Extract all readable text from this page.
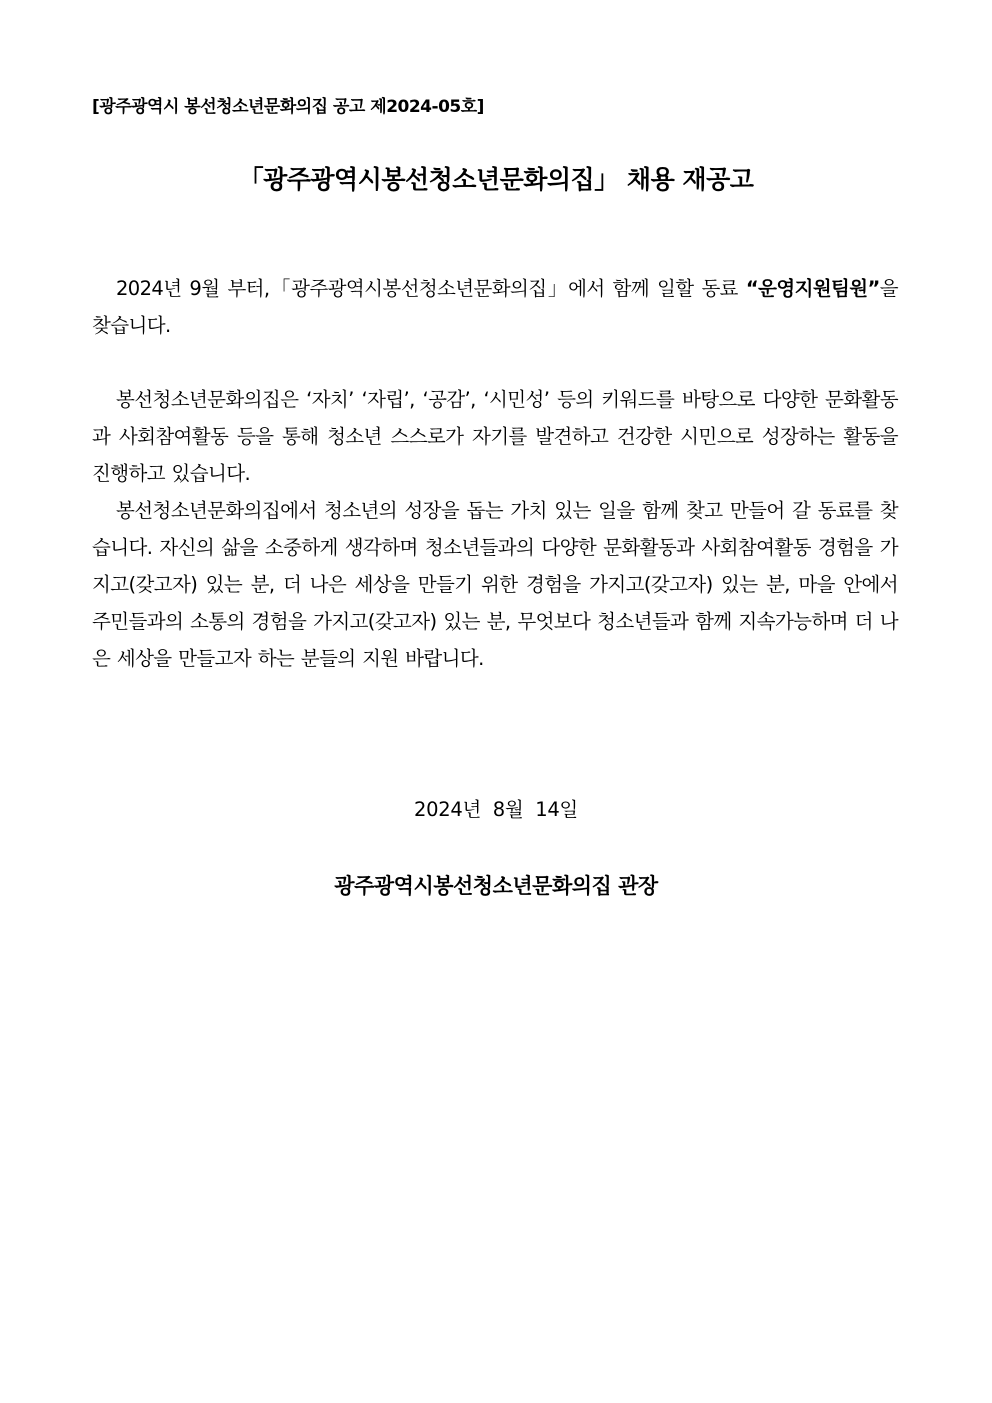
[광주광역시 봉선청소년문화의집 공고 제2024-05호]
「광주광역시봉선청소년문화의집」 채용 재공고
2024년 9월 부터,「광주광역시봉선청소년문화의집」에서 함께 일할 동료 “운영지원팀원”을 찾습니다.
봉선청소년문화의집은 ‘자치’ ‘자립’, ‘공감’, ‘시민성’ 등의 키워드를 바탕으로 다양한 문화활동과 사회참여활동 등을 통해 청소년 스스로가 자기를 발견하고 건강한 시민으로 성장하는 활동을 진행하고 있습니다.
봉선청소년문화의집에서 청소년의 성장을 돕는 가치 있는 일을 함께 찾고 만들어 갈 동료를 찾습니다. 자신의 삶을 소중하게 생각하며 청소년들과의 다양한 문화활동과 사회참여활동 경험을 가지고(갖고자) 있는 분, 더 나은 세상을 만들기 위한 경험을 가지고(갖고자) 있는 분, 마을 안에서 주민들과의 소통의 경험을 가지고(갖고자) 있는 분, 무엇보다 청소년들과 함께 지속가능하며 더 나은 세상을 만들고자 하는 분들의 지원 바랍니다.
2024년  8월  14일
광주광역시봉선청소년문화의집 관장
